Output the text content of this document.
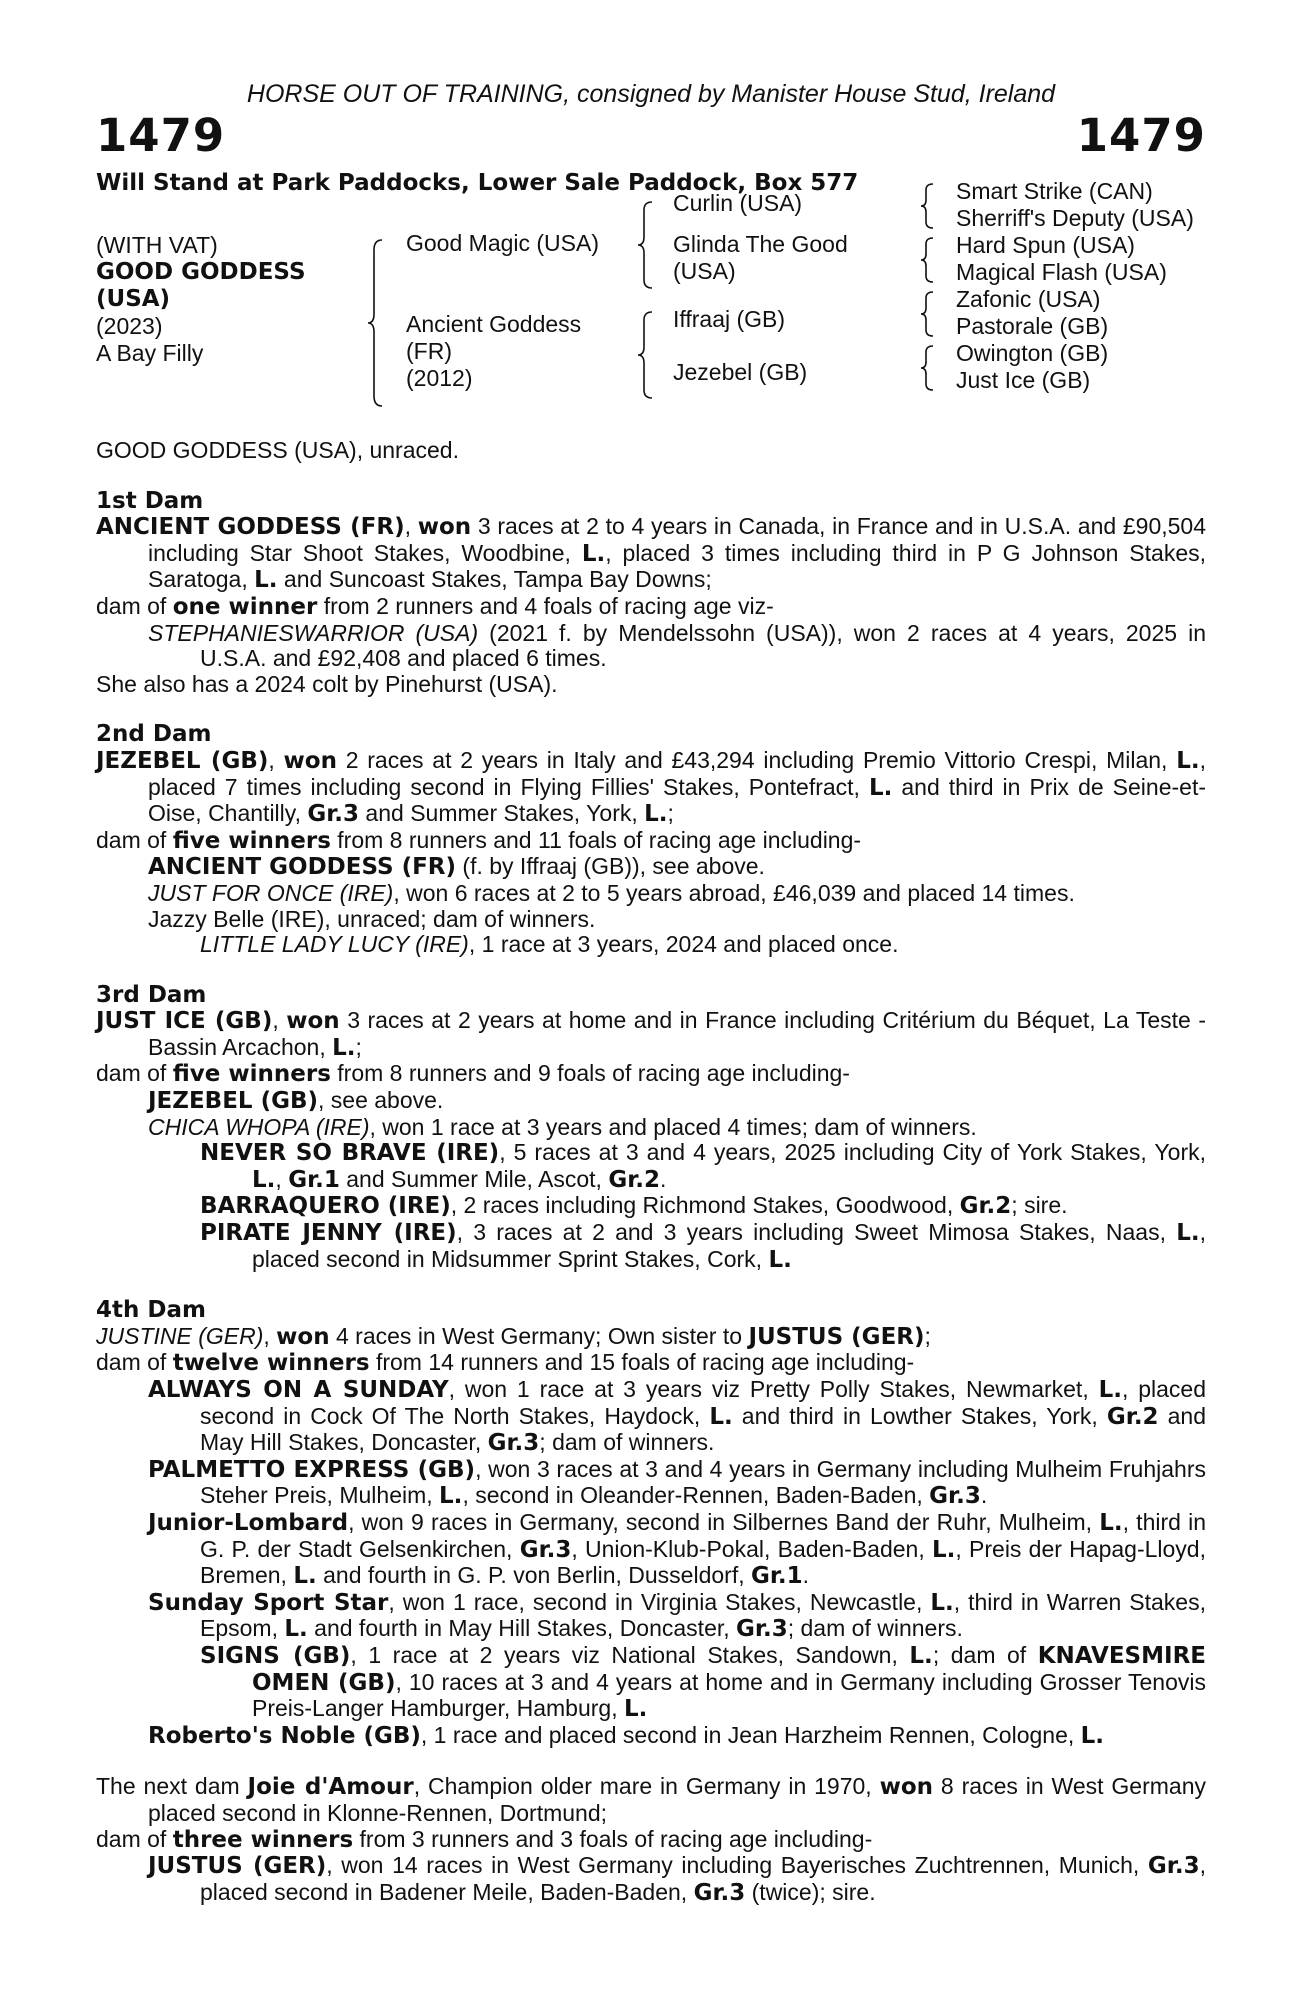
HORSE OUT OF TRAINING, consigned by Manister House Stud, Ireland
1479	1479
Will Stand at Park Paddocks, Lower Sale Paddock, Box 577
(WITH VAT)
GOOD GODDESS
(USA)
(2023)
A Bay Filly
Good Magic (USA)
Ancient Goddess
(FR)
(2012)
Curlin (USA)
Glinda The Good
(USA)
Iffraaj (GB)
Jezebel (GB)
Smart Strike (CAN)
Sherriff's Deputy (USA)
Hard Spun (USA)
Magical Flash (USA)
Zafonic (USA)
Pastorale (GB)
Owington (GB)
Just Ice (GB)

GOOD GODDESS (USA), unraced.

1st Dam

ANCIENT GODDESS (FR), won 3 races at 2 to 4 years in Canada, in France and in U.S.A. and £90,504 including Star Shoot Stakes, Woodbine, L., placed 3 times including third in P G Johnson Stakes, Saratoga, L. and Suncoast Stakes, Tampa Bay Downs;

dam of one winner from 2 runners and 4 foals of racing age viz-

STEPHANIESWARRIOR (USA) (2021 f. by Mendelssohn (USA)), won 2 races at 4 years, 2025 in U.S.A. and £92,408 and placed 6 times.

She also has a 2024 colt by Pinehurst (USA).

2nd Dam

JEZEBEL (GB), won 2 races at 2 years in Italy and £43,294 including Premio Vittorio Crespi, Milan, L., placed 7 times including second in Flying Fillies' Stakes, Pontefract, L. and third in Prix de Seine-et-Oise, Chantilly, Gr.3 and Summer Stakes, York, L.;

dam of five winners from 8 runners and 11 foals of racing age including-

ANCIENT GODDESS (FR) (f. by Iffraaj (GB)), see above.

JUST FOR ONCE (IRE), won 6 races at 2 to 5 years abroad, £46,039 and placed 14 times.

Jazzy Belle (IRE), unraced; dam of winners.

LITTLE LADY LUCY (IRE), 1 race at 3 years, 2024 and placed once.

3rd Dam

JUST ICE (GB), won 3 races at 2 years at home and in France including Critérium du Béquet, La Teste - Bassin Arcachon, L.;

dam of five winners from 8 runners and 9 foals of racing age including-

JEZEBEL (GB), see above.

CHICA WHOPA (IRE), won 1 race at 3 years and placed 4 times; dam of winners.

NEVER SO BRAVE (IRE), 5 races at 3 and 4 years, 2025 including City of York Stakes, York, L., Gr.1 and Summer Mile, Ascot, Gr.2.

BARRAQUERO (IRE), 2 races including Richmond Stakes, Goodwood, Gr.2; sire.

PIRATE JENNY (IRE), 3 races at 2 and 3 years including Sweet Mimosa Stakes, Naas, L., placed second in Midsummer Sprint Stakes, Cork, L.

4th Dam

JUSTINE (GER), won 4 races in West Germany; Own sister to JUSTUS (GER);

dam of twelve winners from 14 runners and 15 foals of racing age including-

ALWAYS ON A SUNDAY, won 1 race at 3 years viz Pretty Polly Stakes, Newmarket, L., placed second in Cock Of The North Stakes, Haydock, L. and third in Lowther Stakes, York, Gr.2 and May Hill Stakes, Doncaster, Gr.3; dam of winners.

PALMETTO EXPRESS (GB), won 3 races at 3 and 4 years in Germany including Mulheim Fruhjahrs Steher Preis, Mulheim, L., second in Oleander-Rennen, Baden-Baden, Gr.3.

Junior-Lombard, won 9 races in Germany, second in Silbernes Band der Ruhr, Mulheim, L., third in G. P. der Stadt Gelsenkirchen, Gr.3, Union-Klub-Pokal, Baden-Baden, L., Preis der Hapag-Lloyd, Bremen, L. and fourth in G. P. von Berlin, Dusseldorf, Gr.1.

Sunday Sport Star, won 1 race, second in Virginia Stakes, Newcastle, L., third in Warren Stakes, Epsom, L. and fourth in May Hill Stakes, Doncaster, Gr.3; dam of winners.

SIGNS (GB), 1 race at 2 years viz National Stakes, Sandown, L.; dam of KNAVESMIRE OMEN (GB), 10 races at 3 and 4 years at home and in Germany including Grosser Tenovis Preis-Langer Hamburger, Hamburg, L.

Roberto's Noble (GB), 1 race and placed second in Jean Harzheim Rennen, Cologne, L.

The next dam Joie d'Amour, Champion older mare in Germany in 1970, won 8 races in West Germany placed second in Klonne-Rennen, Dortmund;

dam of three winners from 3 runners and 3 foals of racing age including-

JUSTUS (GER), won 14 races in West Germany including Bayerisches Zuchtrennen, Munich, Gr.3, placed second in Badener Meile, Baden-Baden, Gr.3 (twice); sire.
